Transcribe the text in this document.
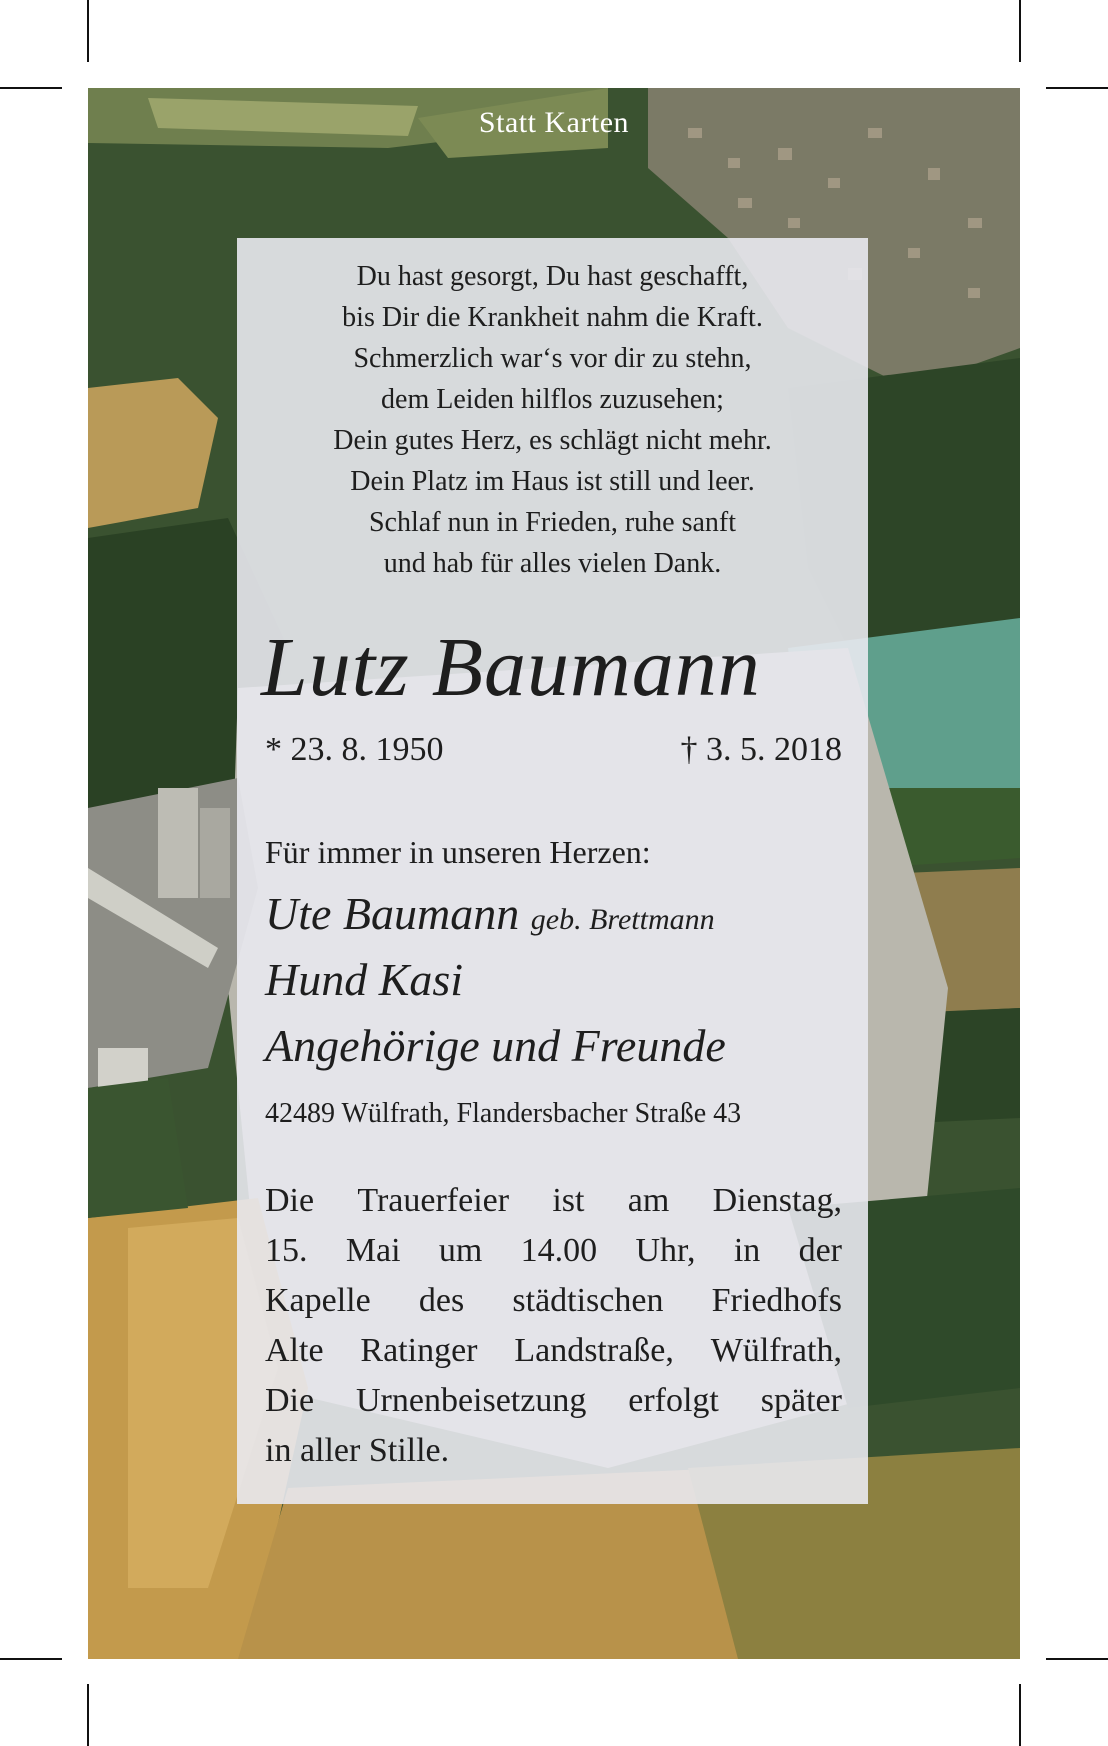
Statt Karten
Du hast gesorgt, Du hast geschafft,
bis Dir die Krankheit nahm die Kraft.
Schmerzlich war‘s vor dir zu stehn,
dem Leiden hilflos zuzusehen;
Dein gutes Herz, es schlägt nicht mehr.
Dein Platz im Haus ist still und leer.
Schlaf nun in Frieden, ruhe sanft
und hab für alles vielen Dank.
Lutz Baumann
* 23. 8. 1950	† 3. 5. 2018
Für immer in unseren Herzen:
Ute Baumann geb. Brettmann
Hund Kasi
Angehörige und Freunde
42489 Wülfrath, Flandersbacher Straße 43
Die Trauerfeier ist am Dienstag,
15. Mai um 14.00 Uhr, in der
Kapelle des städtischen Friedhofs
Alte Ratinger Landstraße, Wülfrath,
Die Urnenbeisetzung erfolgt später
in aller Stille.
